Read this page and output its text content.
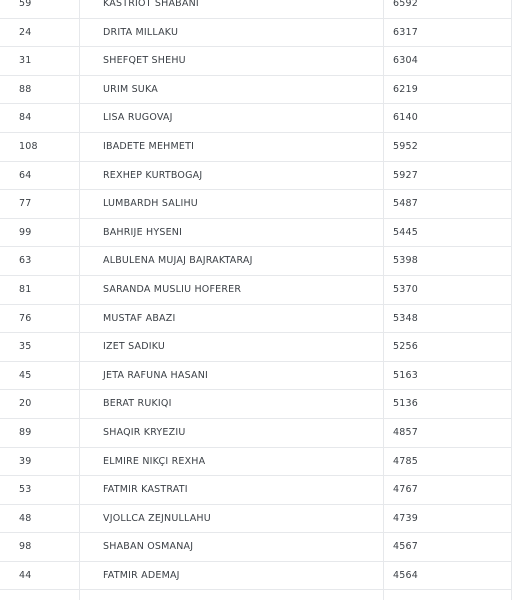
59	KASTRIOT SHABANI	6592
24	DRITA MILLAKU	6317
31	SHEFQET SHEHU	6304
88	URIM SUKA	6219
84	LISA RUGOVAJ	6140
108	IBADETE MEHMETI	5952
64	REXHEP KURTBOGAJ	5927
77	LUMBARDH SALIHU	5487
99	BAHRIJE HYSENI	5445
63	ALBULENA MUJAJ BAJRAKTARAJ	5398
81	SARANDA MUSLIU HOFERER	5370
76	MUSTAF ABAZI	5348
35	IZET SADIKU	5256
45	JETA RAFUNA HASANI	5163
20	BERAT RUKIQI	5136
89	SHAQIR KRYEZIU	4857
39	ELMIRE NIKÇI REXHA	4785
53	FATMIR KASTRATI	4767
48	VJOLLCA ZEJNULLAHU	4739
98	SHABAN OSMANAJ	4567
44	FATMIR ADEMAJ	4564
